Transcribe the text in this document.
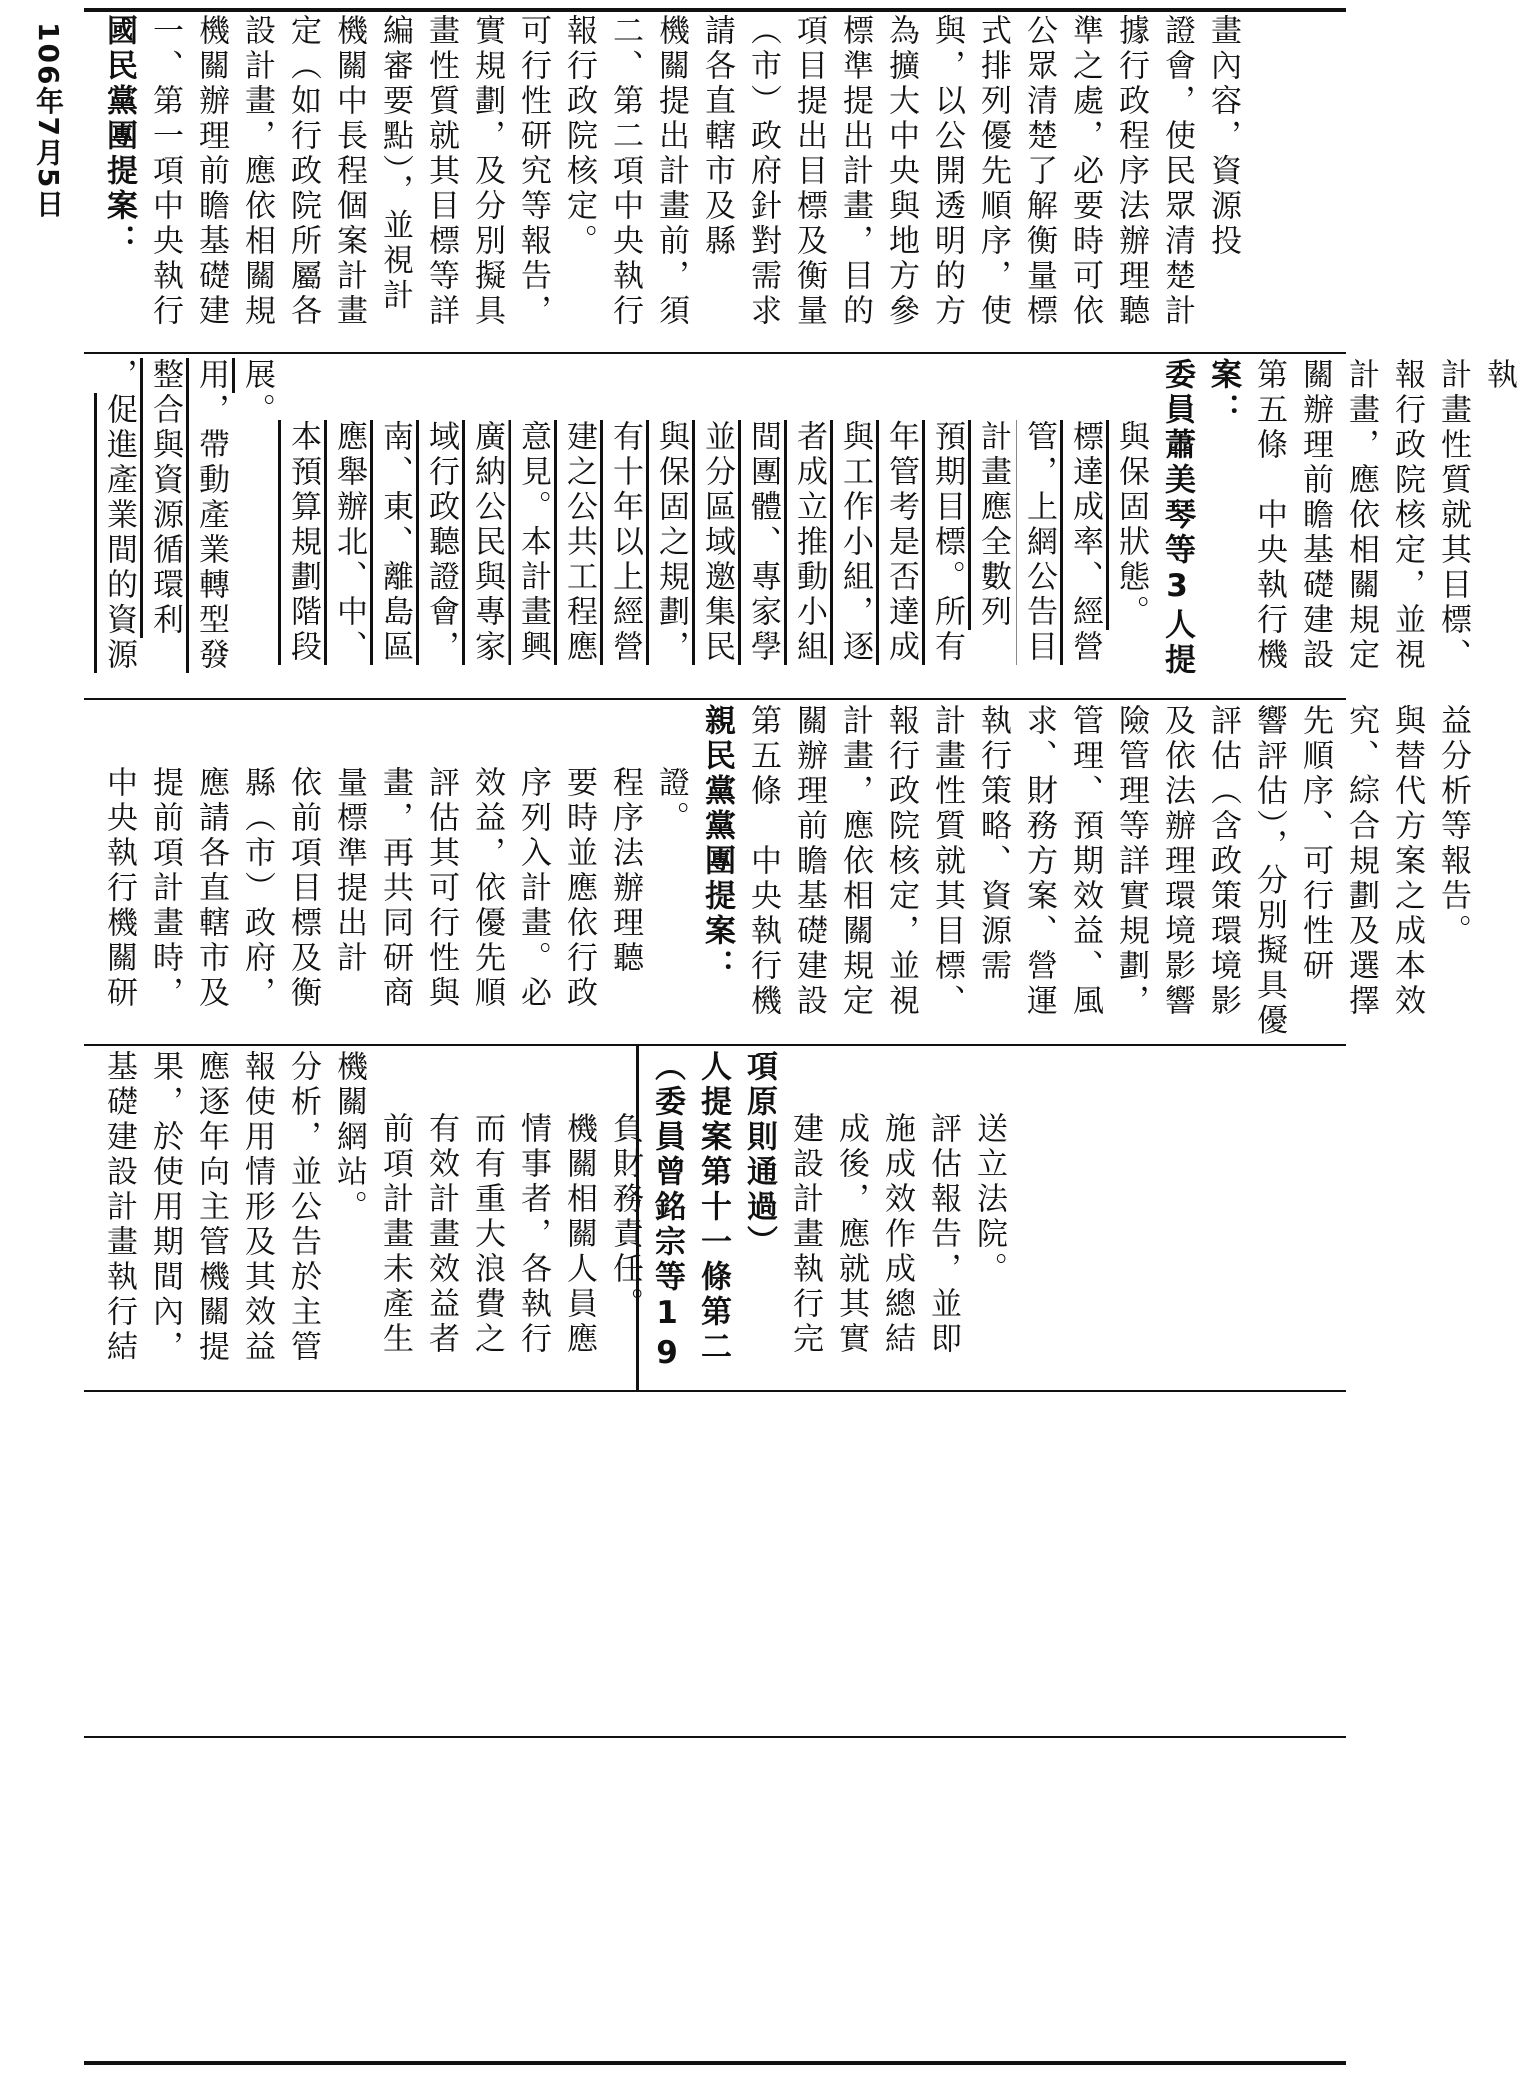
106年7月5日 國民黨團提案： 一、第一項中央執行機關辦理前瞻基礎建設計畫，應依相關規定（如行政院所屬各機關中長程個案計畫編審要點），並視計畫性質就其目標等詳實規劃，及分別擬具可行性研究等報告，報行政院核定。 二、第二項中央執行機關提出計畫前，須請各直轄市及縣（市）政府針對需求項目提出目標及衡量標準提出計畫，目的為擴大中央與地方參與，以公開透明的方式排列優先順序，使公眾清楚了解衡量標準之處，必要時可依據行政程序法辦理聽證會，使民眾清楚計畫內容，資源投

，促進產業間的資源整合與資源循環利用，帶動產業轉型發展。

本預算規劃階段應舉辦北、中、南、東、離島區域行政聽證會，廣納公民與專家意見。本計畫興建之公共工程應有十年以上經營與保固之規劃，並分區域邀集民間團體、專家學者成立推動小組與工作小組，逐年管考是否達成預期目標。所有計畫應全數列管，上網公告目標達成率、經營與保固狀態。 委員蕭美琴等3人提案： 第五條　中央執行機關辦理前瞻基礎建設計畫，應依相關規定報行政院核定，並視計畫性質就其目標、執

中央執行機關研提前項計畫時，應請各直轄市及縣（市）政府，依前項目標及衡量標準提出計畫，再共同研商評估其可行性與效益，依優先順序列入計畫。必要時並應依行政程序法辦理聽證。 親民黨黨團提案： 第五條　中央執行機關辦理前瞻基礎建設計畫，應依相關規定報行政院核定，並視計畫性質就其目標、執行策略、資源需求、財務方案、營運管理、預期效益、風險管理等詳實規劃，及依法辦理環境影響評估（含政策環境影響評估），分別擬具優先順序、可行性研究、綜合規劃及選擇與替代方案之成本效益分析等報告。

基礎建設計畫執行結果，於使用期間內，應逐年向主管機關提報使用情形及其效益分析，並公告於主管機關網站。 前項計畫未產生有效計畫效益者而有重大浪費之情事者，各執行機關相關人員應負財務責任。 （委員曾銘宗等19人提案第十一條第二項原則通過） 建設計畫執行完成後，應就其實施成效作成總結評估報告，並即送立法院。
